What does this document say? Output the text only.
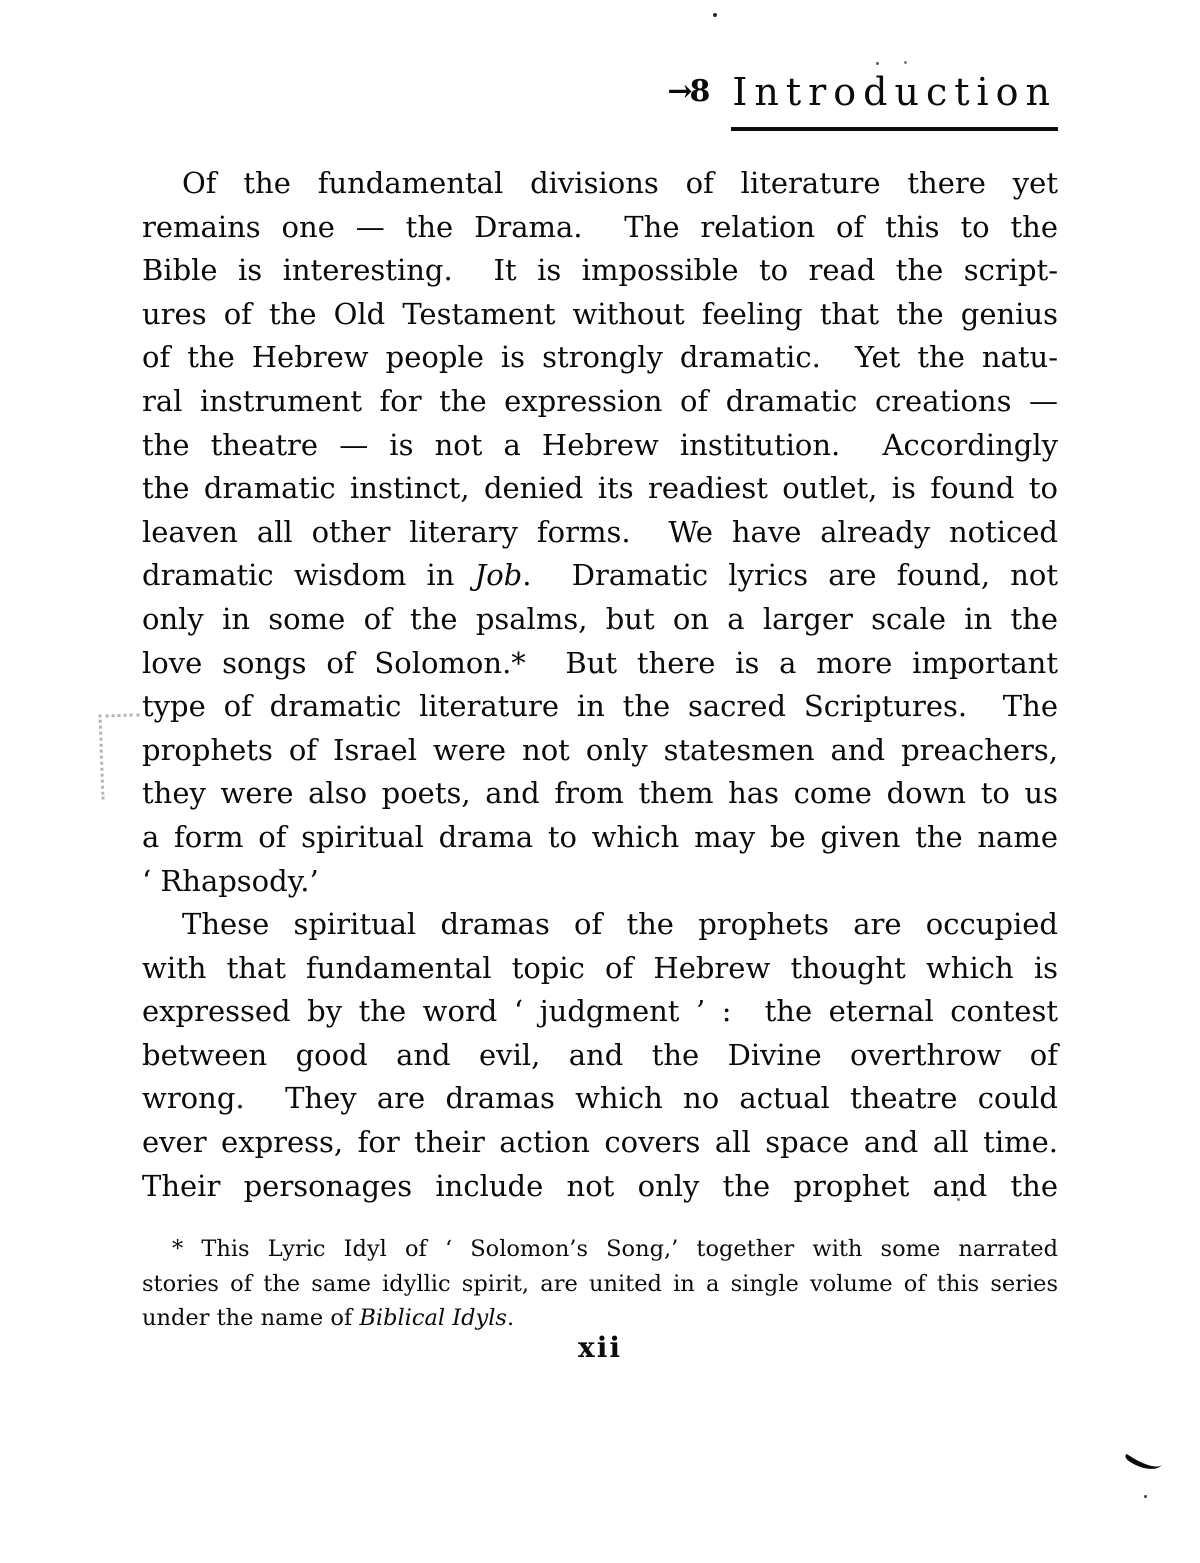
→8 Introduction
Of the fundamental divisions of literature there yet
remains one — the Drama.  The relation of this to the
Bible is interesting.  It is impossible to read the script-
ures of the Old Testament without feeling that the genius
of the Hebrew people is strongly dramatic.  Yet the natu-
ral instrument for the expression of dramatic creations —
the theatre — is not a Hebrew institution.  Accordingly
the dramatic instinct, denied its readiest outlet, is found to
leaven all other literary forms.  We have already noticed
dramatic wisdom in Job.  Dramatic lyrics are found, not
only in some of the psalms, but on a larger scale in the
love songs of Solomon.*  But there is a more important
type of dramatic literature in the sacred Scriptures.  The
prophets of Israel were not only statesmen and preachers,
they were also poets, and from them has come down to us
a form of spiritual drama to which may be given the name
‘ Rhapsody.’
These spiritual dramas of the prophets are occupied
with that fundamental topic of Hebrew thought which is
expressed by the word ‘ judgment ’ :  the eternal contest
between good and evil, and the Divine overthrow of
wrong.  They are dramas which no actual theatre could
ever express, for their action covers all space and all time.
Their personages include not only the prophet and the
* This Lyric Idyl of ‘ Solomon’s Song,’ together with some narrated
stories of the same idyllic spirit, are united in a single volume of this series
under the name of Biblical Idyls.
xii
